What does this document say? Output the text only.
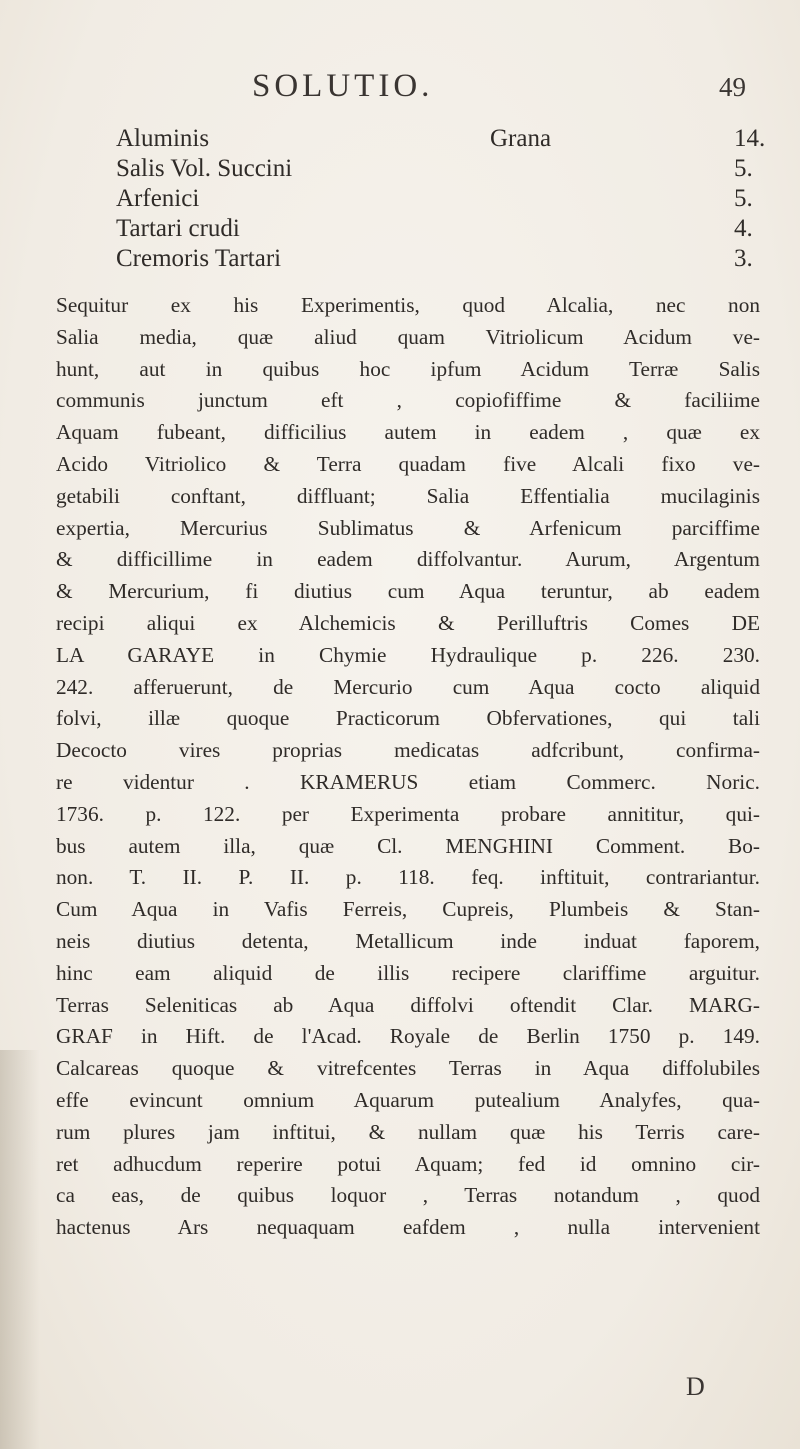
SOLUTIO.	49
Aluminis	Grana	14.
Salis Vol. Succini	5.
Arfenici	5.
Tartari crudi	4.
Cremoris Tartari	3.
Sequitur ex his Experimentis, quod Alcalia, nec non
Salia media, quæ aliud quam Vitriolicum Acidum ve-
hunt, aut in quibus hoc ipfum Acidum Terræ Salis
communis junctum eft , copiofiffime & faciliime
Aquam fubeant, difficilius autem in eadem , quæ ex
Acido Vitriolico & Terra quadam five Alcali fixo ve-
getabili conftant, diffluant; Salia Effentialia mucilaginis
expertia, Mercurius Sublimatus & Arfenicum parciffime
& difficillime in eadem diffolvantur. Aurum, Argentum
& Mercurium, fi diutius cum Aqua teruntur, ab eadem
recipi aliqui ex Alchemicis & Perilluftris Comes DE
LA GARAYE in Chymie Hydraulique p. 226. 230.
242. afferuerunt, de Mercurio cum Aqua cocto aliquid
folvi, illæ quoque Practicorum Obfervationes, qui tali
Decocto vires proprias medicatas adfcribunt, confirma-
re videntur . KRAMERUS etiam Commerc. Noric.
1736. p. 122. per Experimenta probare annititur, qui-
bus autem illa, quæ Cl. MENGHINI Comment. Bo-
non. T. II. P. II. p. 118. feq. inftituit, contrariantur.
Cum Aqua in Vafis Ferreis, Cupreis, Plumbeis & Stan-
neis diutius detenta, Metallicum inde induat faporem,
hinc eam aliquid de illis recipere clariffime arguitur.
Terras Seleniticas ab Aqua diffolvi oftendit Clar. MARG-
GRAF in Hift. de l'Acad. Royale de Berlin 1750 p. 149.
Calcareas quoque & vitrefcentes Terras in Aqua diffolubiles
effe evincunt omnium Aquarum putealium Analyfes, qua-
rum plures jam inftitui, & nullam quæ his Terris care-
ret adhucdum reperire potui Aquam; fed id omnino cir-
ca eas, de quibus loquor , Terras notandum , quod
hactenus Ars nequaquam eafdem , nulla intervenient
D
